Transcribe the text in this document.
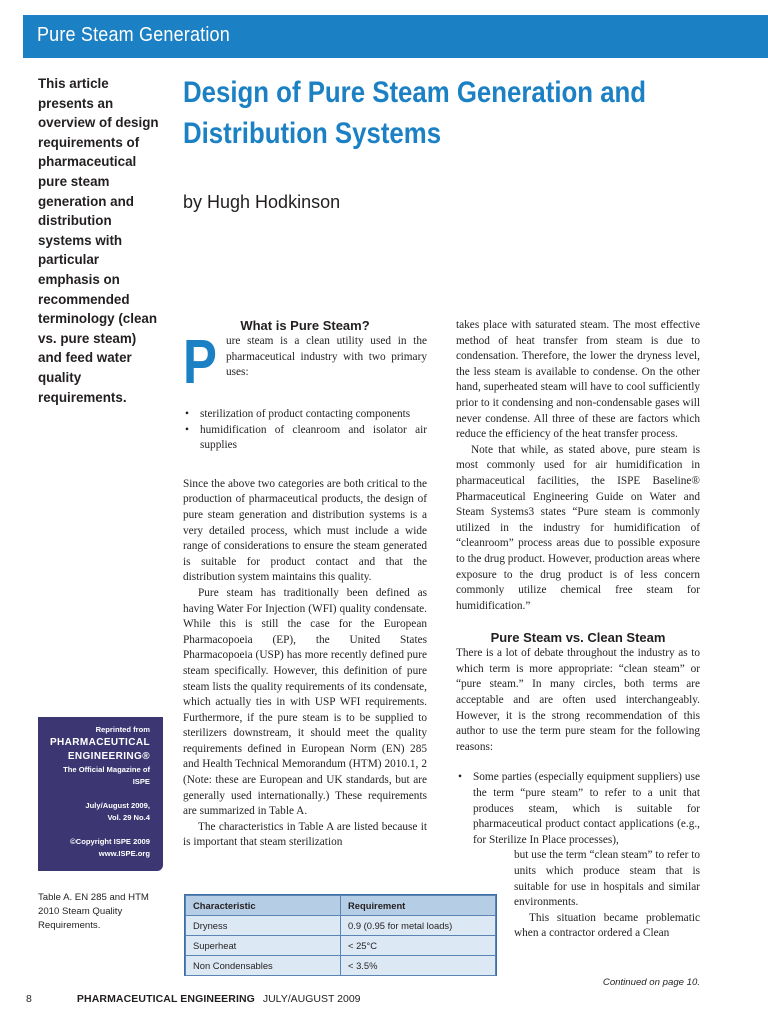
Pure Steam Generation
This article presents an overview of design requirements of pharmaceutical pure steam generation and distribution systems with particular emphasis on recommended terminology (clean vs. pure steam) and feed water quality requirements.
Design of Pure Steam Generation and Distribution Systems
by Hugh Hodkinson
What is Pure Steam?
P ure steam is a clean utility used in the pharmaceutical industry with two primary uses:
• sterilization of product contacting components
• humidification of cleanroom and isolator air supplies

Since the above two categories are both critical to the production of pharmaceutical products, the design of pure steam generation and distribution systems is a very detailed process, which must include a wide range of considerations to ensure the steam generated is suitable for product contact and that the distribution system maintains this quality.

Pure steam has traditionally been defined as having Water For Injection (WFI) quality condensate. While this is still the case for the European Pharmacopoeia (EP), the United States Pharmacopoeia (USP) has more recently defined pure steam specifically. However, this definition of pure steam lists the quality requirements of its condensate, which actually ties in with USP WFI requirements. Furthermore, if the pure steam is to be supplied to sterilizers downstream, it should meet the quality requirements defined in European Norm (EN) 285 and Health Technical Memorandum (HTM) 2010.1, 2 (Note: these are European and UK standards, but are generally used internationally.) These requirements are summarized in Table A.

The characteristics in Table A are listed because it is important that steam sterilization

takes place with saturated steam. The most effective method of heat transfer from steam is due to condensation. Therefore, the lower the dryness level, the less steam is available to condense. On the other hand, superheated steam will have to cool sufficiently prior to it condensing and non-condensable gases will never condense. All three of these are factors which reduce the efficiency of the heat transfer process.

Note that while, as stated above, pure steam is most commonly used for air humidification in pharmaceutical facilities, the ISPE Baseline® Pharmaceutical Engineering Guide on Water and Steam Systems3 states “Pure steam is commonly utilized in the industry for humidification of “cleanroom” process areas due to possible exposure to the drug product. However, production areas where exposure to the drug product is of less concern commonly utilize chemical free steam for humidification.”

Pure Steam vs. Clean Steam

There is a lot of debate throughout the industry as to which term is more appropriate: “clean steam” or “pure steam.” In many circles, both terms are acceptable and are often used interchangeably. However, it is the strong recommendation of this author to use the term pure steam for the following reasons:

• Some parties (especially equipment suppliers) use the term “pure steam” to refer to a unit that produces steam, which is suitable for pharmaceutical product contact applications (e.g., for Sterilize In Place processes),

but use the term “clean steam” to refer to units which produce steam that is suitable for use in hospitals and similar environments.

This situation became problematic when a contractor ordered a Clean

Reprinted from
PHARMACEUTICAL
ENGINEERING®
The Official Magazine of ISPE
July/August 2009,
Vol. 29 No.4
©Copyright ISPE 2009
www.ISPE.org
Table A. EN 285 and HTM 2010 Steam Quality Requirements.
Characteristic	Requirement
Dryness	0.9 (0.95 for metal loads)
Superheat	< 25°C
Non Condensables	< 3.5%
Continued on page 10.
8	PHARMACEUTICAL ENGINEERING JULY/AUGUST 2009
